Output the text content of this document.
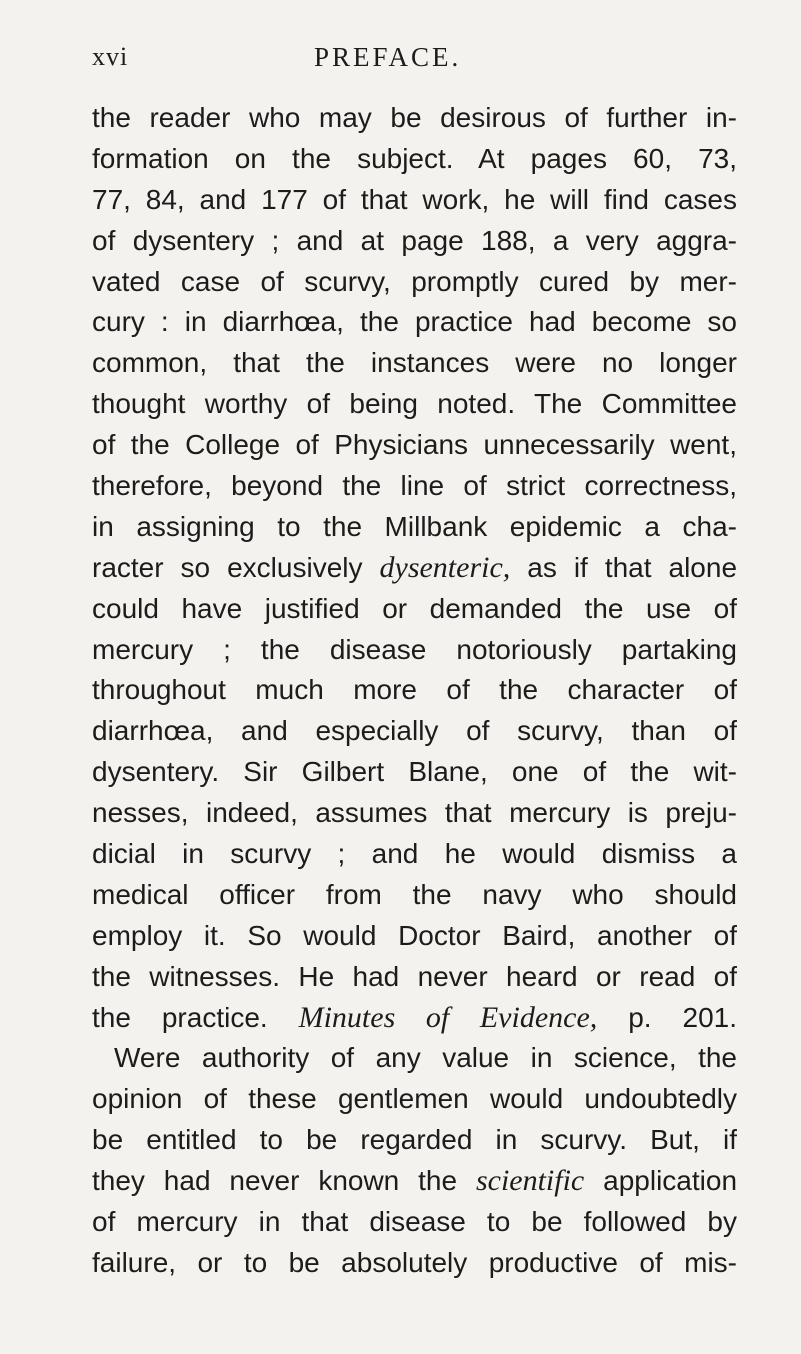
xvi	PREFACE.
the reader who may be desirous of further in-
formation on the subject. At pages 60, 73,
77, 84, and 177 of that work, he will find cases
of dysentery ; and at page 188, a very aggra-
vated case of scurvy, promptly cured by mer-
cury : in diarrhœa, the practice had become so
common, that the instances were no longer
thought worthy of being noted. The Committee
of the College of Physicians unnecessarily went,
therefore, beyond the line of strict correctness,
in assigning to the Millbank epidemic a cha-
racter so exclusively dysenteric, as if that alone
could have justified or demanded the use of
mercury ; the disease notoriously partaking
throughout much more of the character of
diarrhœa, and especially of scurvy, than of
dysentery. Sir Gilbert Blane, one of the wit-
nesses, indeed, assumes that mercury is preju-
dicial in scurvy ; and he would dismiss a
medical officer from the navy who should
employ it. So would Doctor Baird, another of
the witnesses. He had never heard or read of
the practice. Minutes of Evidence, p. 201.
Were authority of any value in science, the
opinion of these gentlemen would undoubtedly
be entitled to be regarded in scurvy. But, if
they had never known the scientific application
of mercury in that disease to be followed by
failure, or to be absolutely productive of mis-
